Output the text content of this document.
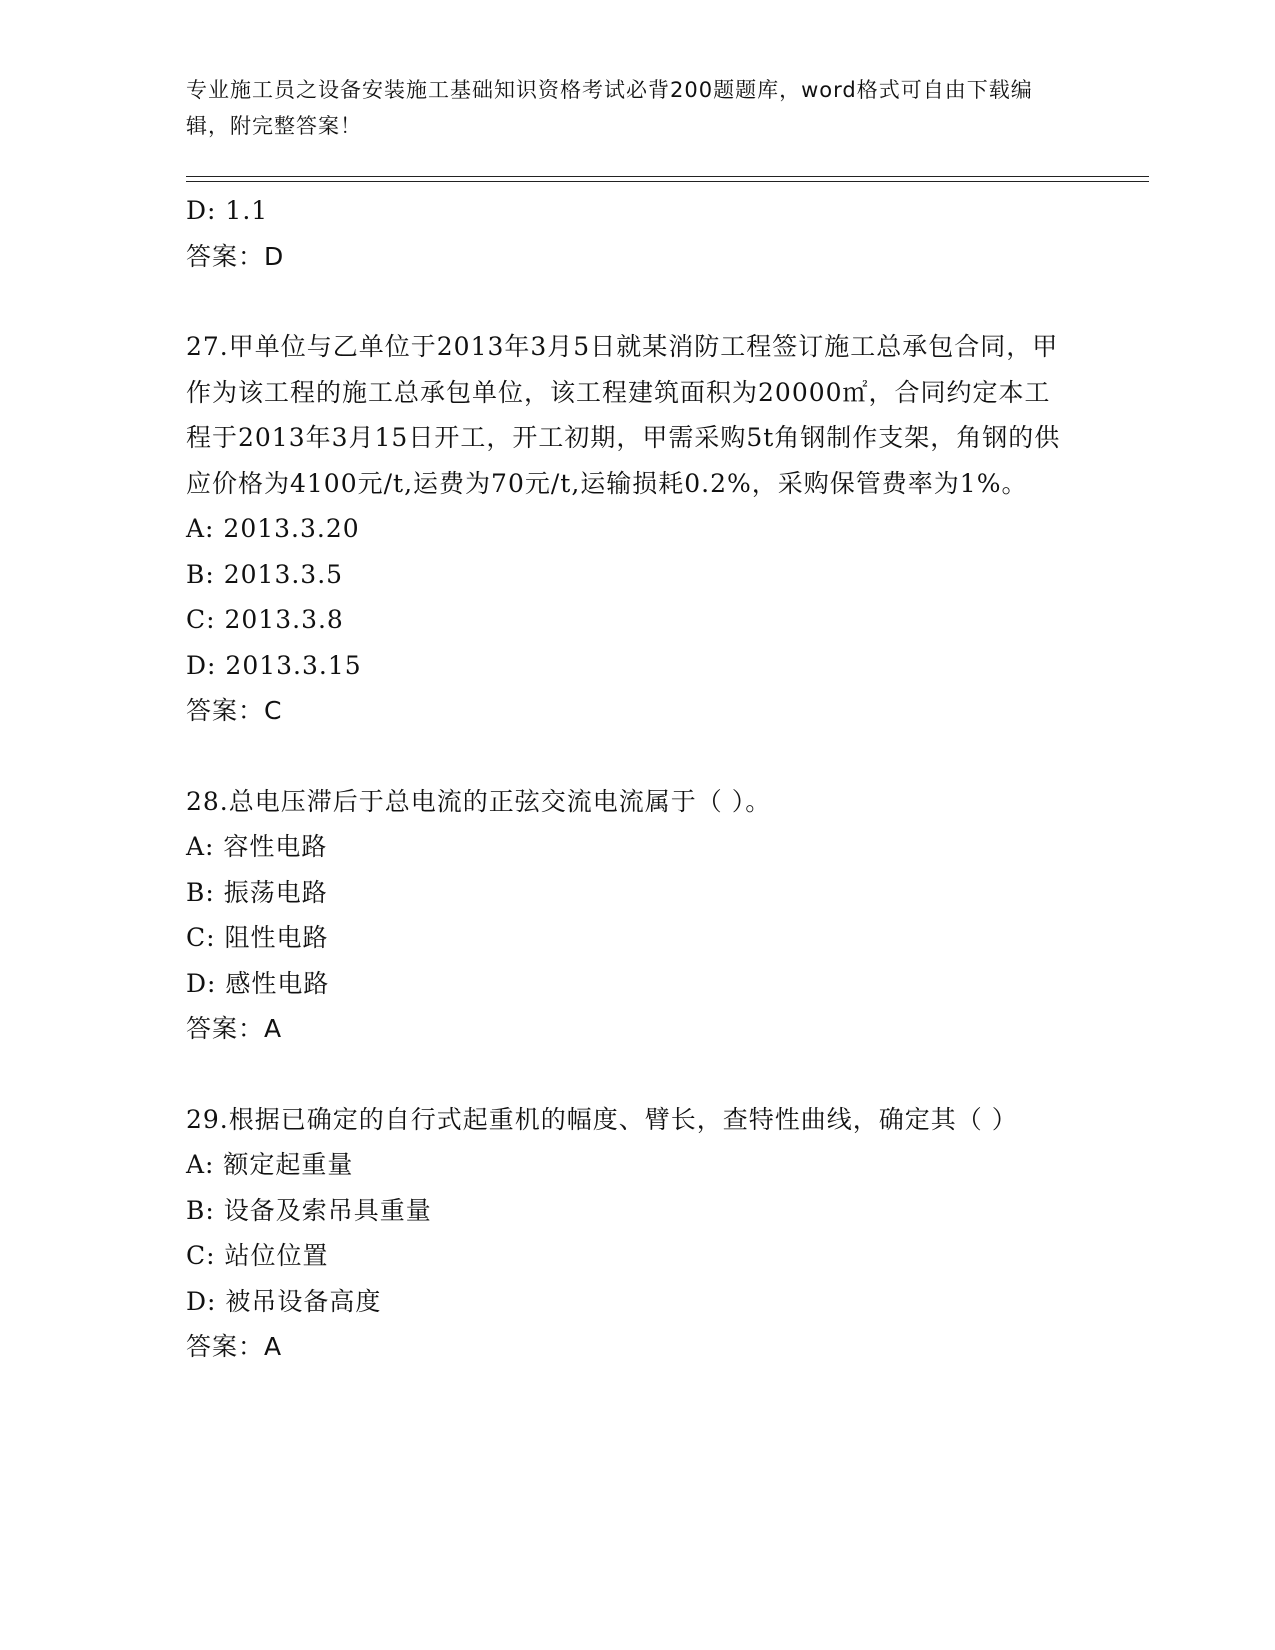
专业施工员之设备安装施工基础知识资格考试必背200题题库，word格式可自由下载编辑，附完整答案！
D: 1.1
答案：D
27.甲单位与乙单位于2013年3月5日就某消防工程签订施工总承包合同，甲作为该工程的施工总承包单位，该工程建筑面积为20000㎡，合同约定本工程于2013年3月15日开工，开工初期，甲需采购5t角钢制作支架，角钢的供应价格为4100元/t,运费为70元/t,运输损耗0.2%，采购保管费率为1%。
A: 2013.3.20
B: 2013.3.5
C: 2013.3.8
D: 2013.3.15
答案：C
28.总电压滞后于总电流的正弦交流电流属于（ ）。
A: 容性电路
B: 振荡电路
C: 阻性电路
D: 感性电路
答案：A
29.根据已确定的自行式起重机的幅度、臂长，查特性曲线，确定其（ ）
A: 额定起重量
B: 设备及索吊具重量
C: 站位位置
D: 被吊设备高度
答案：A
